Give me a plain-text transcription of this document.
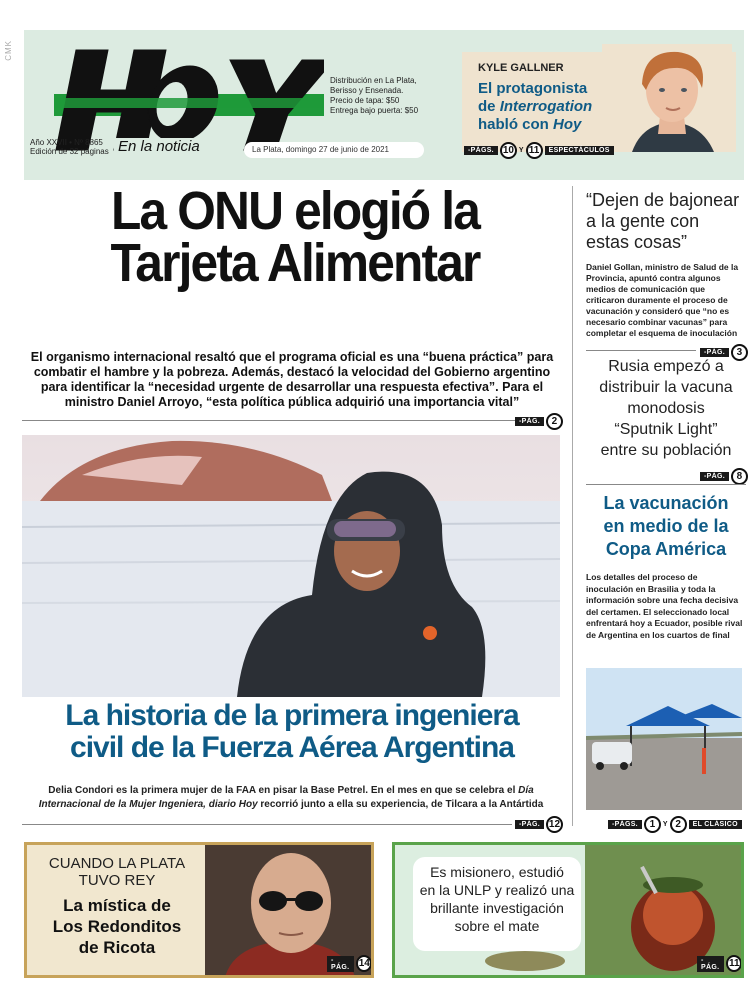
CMK
Año XXVII • Nº 8865
Edición de 32 páginas En la noticia
Distribución en La Plata,
Berisso y Ensenada.
Precio de tapa: $50
Entrega bajo puerta: $50
La Plata, domingo 27 de junio de 2021
KYLE GALLNER
El protagonista
de Interrogation
habló con Hoy
-PÁGS. 10 Y 11	ESPECTÁCULOS
La ONU elogió la
Tarjeta Alimentar
El organismo internacional resaltó que el programa oficial es una “buena práctica” para combatir el hambre y la pobreza. Además, destacó la velocidad del Gobierno argentino para identificar la “necesidad urgente de desarrollar una respuesta efectiva”. Para el ministro Daniel Arroyo, “esta política pública adquirió una importancia vital”
-PÁG.	2
La historia de la primera ingeniera
civil de la Fuerza Aérea Argentina
Delia Condori es la primera mujer de la FAA en pisar la Base Petrel. En el mes en que se celebra el Día Internacional de la Mujer Ingeniera, diario Hoy recorrió junto a ella su experiencia, de Tilcara a la Antártida
-PÁG. 12
“Dejen de bajonear
a la gente con
estas cosas”
Daniel Gollan, ministro de Salud de la Provincia, apuntó contra algunos medios de comunicación que criticaron duramente el proceso de vacunación y consideró que “no es necesario combinar vacunas” para completar el esquema de inoculación
-PÁG.	3
Rusia empezó a
distribuir la vacuna
monodosis
“Sputnik Light”
entre su población
-PÁG.	8
La vacunación
en medio de la
Copa América
Los detalles del proceso de inoculación en Brasilia y toda la información sobre una fecha decisiva del certamen. El seleccionado local enfrentará hoy a Ecuador, posible rival de Argentina en los cuartos de final
-PÁGS.	1	Y 2	EL CLÁSICO
CUANDO LA PLATA
TUVO REY
La mística de
Los Redonditos
de Ricota
-PÁG. 14
Es misionero, estudió
en la UNLP y realizó una
brillante investigación
sobre el mate
-PÁG. 11
